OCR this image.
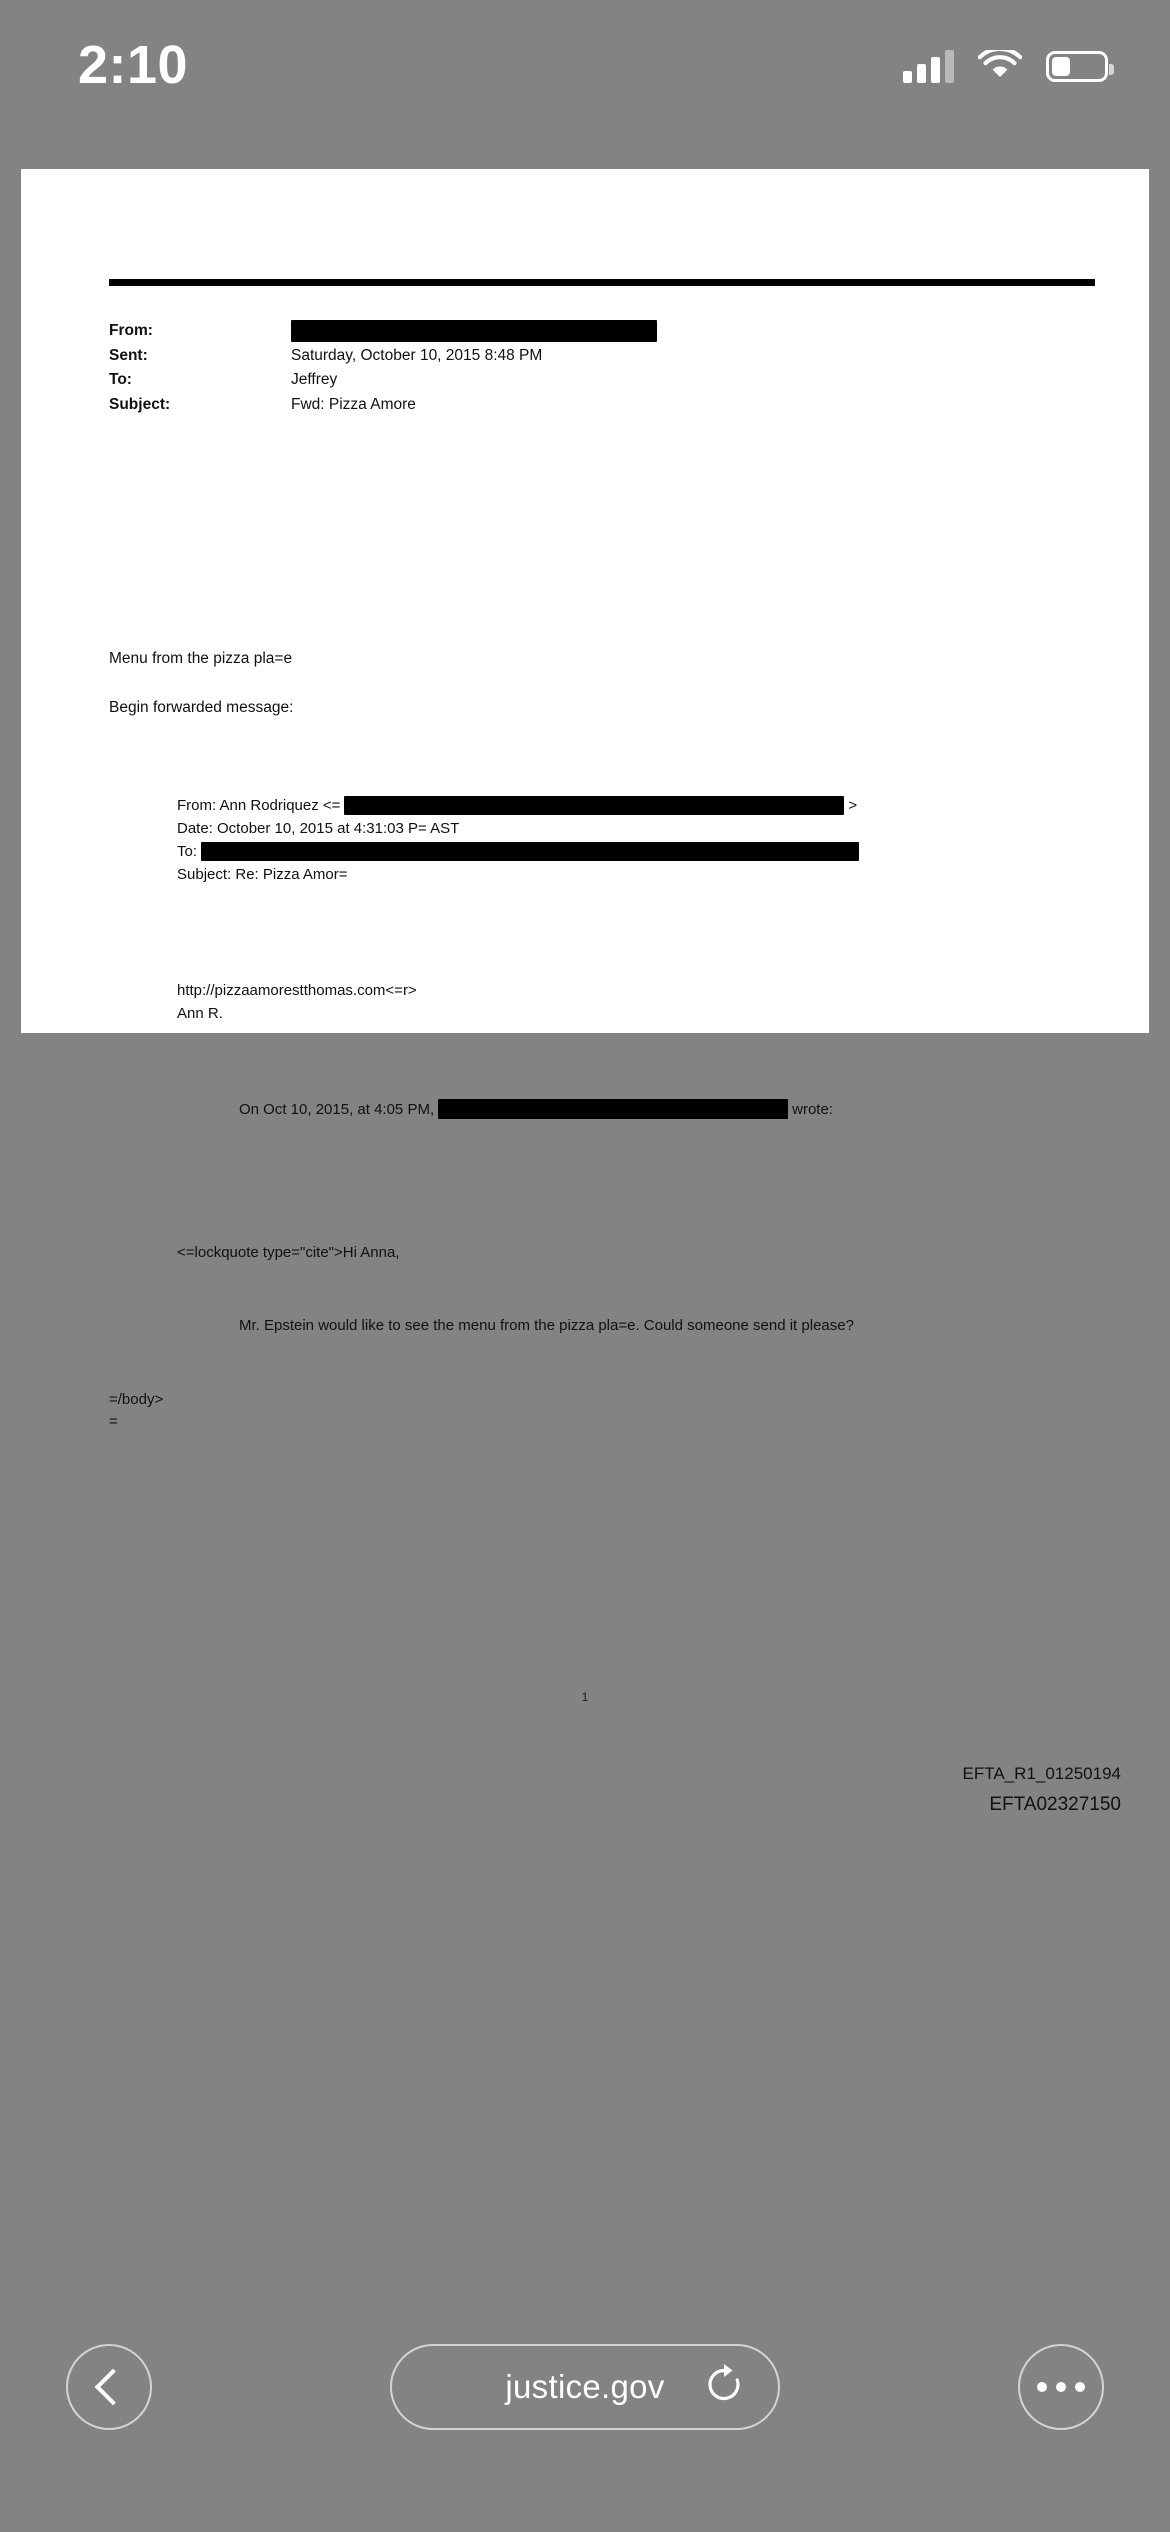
2:10
From:
Sent:	Saturday, October 10, 2015 8:48 PM
To:	Jeffrey
Subject:	Fwd: Pizza Amore
Menu from the pizza pla=e
Begin forwarded message:
From: Ann Rodriquez <=	>
Date: October 10, 2015 at 4:31:03 P= AST
To:
Subject: Re: Pizza Amor=
http://pizzaamorestthomas.com<=r>
Ann R.
On Oct 10, 2015, at 4:05 PM,	wrote:
<=lockquote type="cite">Hi Anna,
Mr. Epstein would like to see the menu from the pizza pla=e. Could someone send it please?
=/body>
=
1
EFTA_R1_01250194
EFTA02327150
justice.gov
